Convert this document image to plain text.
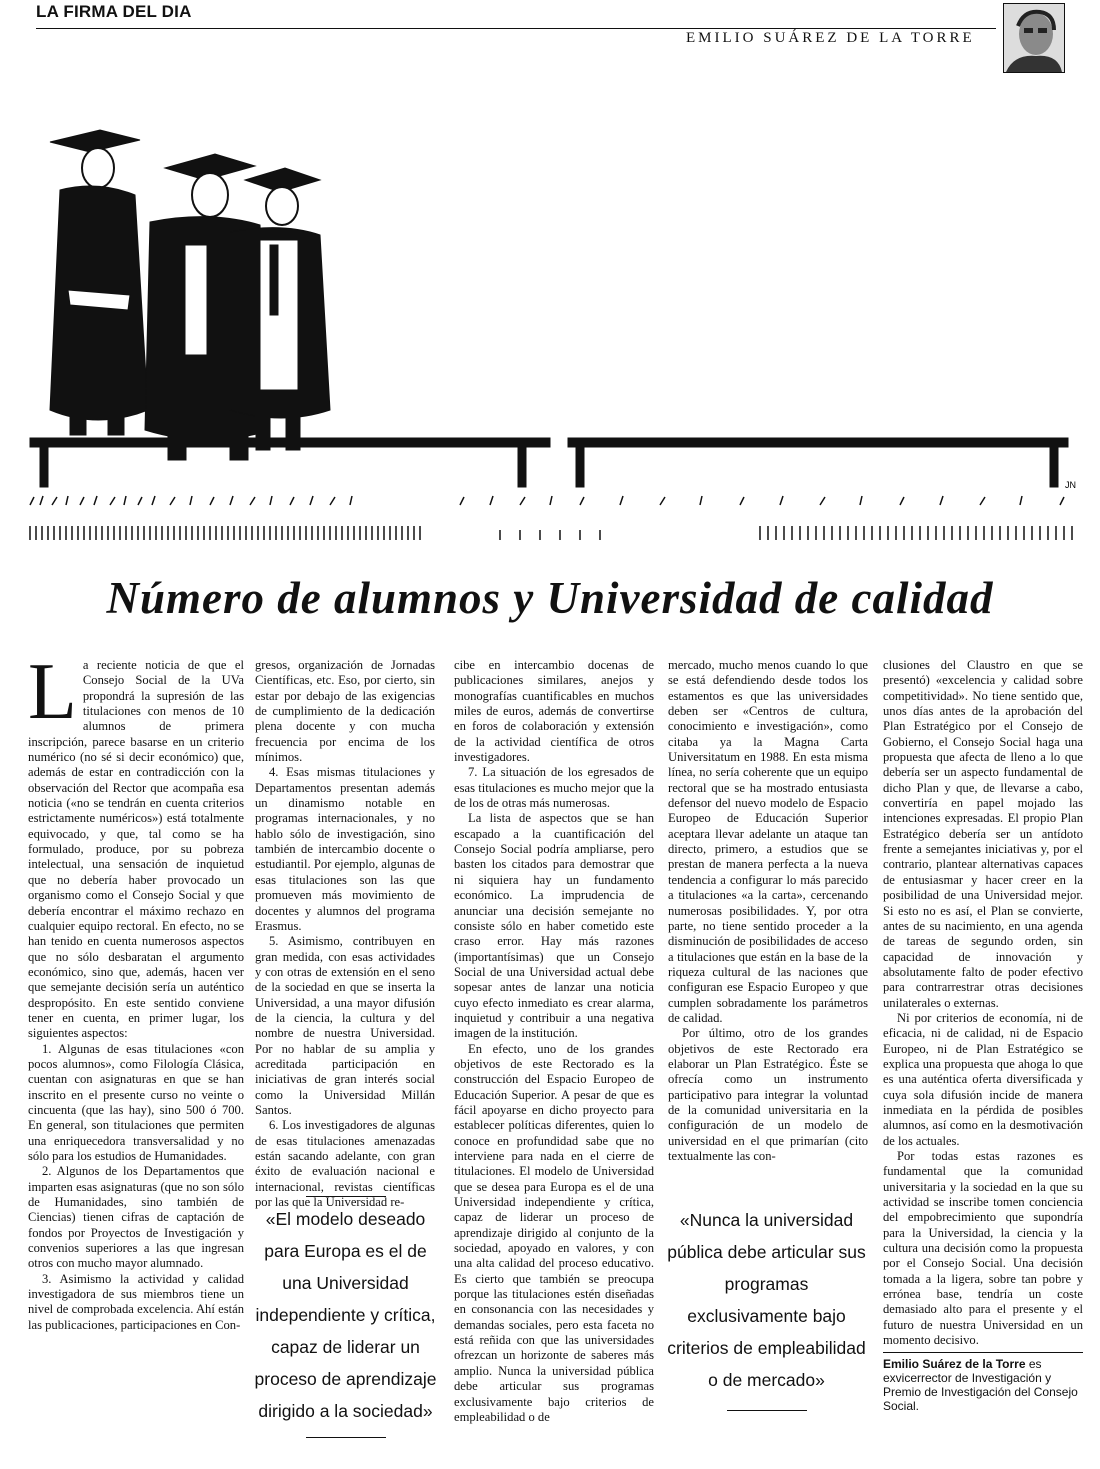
LA FIRMA DEL DIA
EMILIO SUÁREZ DE LA TORRE
JN
Número de alumnos y Universidad de calidad

La reciente noticia de que el Consejo Social de la UVa propondrá la supresión de las titulaciones con menos de 10 alumnos de primera inscripción, parece basarse en un criterio numérico (no sé si decir económico) que, además de estar en contradicción con la observación del Rector que acompaña esa noticia («no se tendrán en cuenta criterios estrictamente numéricos») está totalmente equivocado, y que, tal como se ha formulado, produce, por su pobreza intelectual, una sensación de inquietud que no debería haber provocado un organismo como el Consejo Social y que debería encontrar el máximo rechazo en cualquier equipo rectoral. En efecto, no se han tenido en cuenta numerosos aspectos que no sólo desbaratan el argumento económico, sino que, además, hacen ver que semejante decisión sería un auténtico despropósito. En este sentido conviene tener en cuenta, en primer lugar, los siguientes aspectos:

1. Algunas de esas titulaciones «con pocos alumnos», como Filología Clásica, cuentan con asignaturas en que se han inscrito en el presente curso no veinte o cincuenta (que las hay), sino 500 ó 700. En general, son titulaciones que permiten una enriquecedora transversalidad y no sólo para los estudios de Humanidades.

2. Algunos de los Departamentos que imparten esas asignaturas (que no son sólo de Humanidades, sino también de Ciencias) tienen cifras de captación de fondos por Proyectos de Investigación y convenios superiores a las que ingresan otros con mucho mayor alumnado.

3. Asimismo la actividad y calidad investigadora de sus miembros tiene un nivel de comprobada excelencia. Ahí están las publicaciones, participaciones en Con-

gresos, organización de Jornadas Científicas, etc. Eso, por cierto, sin estar por debajo de las exigencias de cumplimiento de la dedicación plena docente y con mucha frecuencia por encima de los mínimos.

4. Esas mismas titulaciones y Departamentos presentan además un dinamismo notable en programas internacionales, y no hablo sólo de investigación, sino también de intercambio docente o estudiantil. Por ejemplo, algunas de esas titulaciones son las que promueven más movimiento de docentes y alumnos del programa Erasmus.

5. Asimismo, contribuyen en gran medida, con esas actividades y con otras de extensión en el seno de la sociedad en que se inserta la Universidad, a una mayor difusión de la ciencia, la cultura y del nombre de nuestra Universidad. Por no hablar de su amplia y acreditada participación en iniciativas de gran interés social como la Universidad Millán Santos.

6. Los investigadores de algunas de esas titulaciones amenazadas están sacando adelante, con gran éxito de evaluación nacional e internacional, revistas científicas por las que la Universidad re-

«El modelo deseado para Europa es el de una Universidad independiente y crítica, capaz de liderar un proceso de aprendizaje dirigido a la sociedad»

cibe en intercambio docenas de publicaciones similares, anejos y monografías cuantificables en muchos miles de euros, además de convertirse en foros de colaboración y extensión de la actividad científica de otros investigadores.

7. La situación de los egresados de esas titulaciones es mucho mejor que la de los de otras más numerosas.

La lista de aspectos que se han escapado a la cuantificación del Consejo Social podría ampliarse, pero basten los citados para demostrar que ni siquiera hay un fundamento económico. La imprudencia de anunciar una decisión semejante no consiste sólo en haber cometido este craso error. Hay más razones (importantísimas) que un Consejo Social de una Universidad actual debe sopesar antes de lanzar una noticia cuyo efecto inmediato es crear alarma, inquietud y contribuir a una negativa imagen de la institución.

En efecto, uno de los grandes objetivos de este Rectorado es la construcción del Espacio Europeo de Educación Superior. A pesar de que es fácil apoyarse en dicho proyecto para establecer políticas diferentes, quien lo conoce en profundidad sabe que no interviene para nada en el cierre de titulaciones. El modelo de Universidad que se desea para Europa es el de una Universidad independiente y crítica, capaz de liderar un proceso de aprendizaje dirigido al conjunto de la sociedad, apoyado en valores, y con una alta calidad del proceso educativo. Es cierto que también se preocupa porque las titulaciones estén diseñadas en consonancia con las necesidades y demandas sociales, pero esta faceta no está reñida con que las universidades ofrezcan un horizonte de saberes más amplio. Nunca la universidad pública debe articular sus programas exclusivamente bajo criterios de empleabilidad o de

mercado, mucho menos cuando lo que se está defendiendo desde todos los estamentos es que las universidades deben ser «Centros de cultura, conocimiento e investigación», como citaba ya la Magna Carta Universitatum en 1988. En esta misma línea, no sería coherente que un equipo rectoral que se ha mostrado entusiasta defensor del nuevo modelo de Espacio Europeo de Educación Superior aceptara llevar adelante un ataque tan directo, primero, a estudios que se prestan de manera perfecta a la nueva tendencia a configurar lo más parecido a titulaciones «a la carta», cercenando numerosas posibilidades. Y, por otra parte, no tiene sentido proceder a la disminución de posibilidades de acceso a titulaciones que están en la base de la riqueza cultural de las naciones que configuran ese Espacio Europeo y que cumplen sobradamente los parámetros de calidad.

Por último, otro de los grandes objetivos de este Rectorado era elaborar un Plan Estratégico. Éste se ofrecía como un instrumento participativo para integrar la voluntad de la comunidad universitaria en la configuración de un modelo de universidad en el que primarían (cito textualmente las con-

«Nunca la universidad pública debe articular sus programas exclusivamente bajo criterios de empleabilidad o de mercado»

clusiones del Claustro en que se presentó) «excelencia y calidad sobre competitividad». No tiene sentido que, unos días antes de la aprobación del Plan Estratégico por el Consejo de Gobierno, el Consejo Social haga una propuesta que afecta de lleno a lo que debería ser un aspecto fundamental de dicho Plan y que, de llevarse a cabo, convertiría en papel mojado las intenciones expresadas. El propio Plan Estratégico debería ser un antídoto frente a semejantes iniciativas y, por el contrario, plantear alternativas capaces de entusiasmar y hacer creer en la posibilidad de una Universidad mejor. Si esto no es así, el Plan se convierte, antes de su nacimiento, en una agenda de tareas de segundo orden, sin capacidad de innovación y absolutamente falto de poder efectivo para contrarrestrar otras decisiones unilaterales o externas.

Ni por criterios de economía, ni de eficacia, ni de calidad, ni de Espacio Europeo, ni de Plan Estratégico se explica una propuesta que ahoga lo que es una auténtica oferta diversificada y cuya sola difusión incide de manera inmediata en la pérdida de posibles alumnos, así como en la desmotivación de los actuales.

Por todas estas razones es fundamental que la comunidad universitaria y la sociedad en la que su actividad se inscribe tomen conciencia del empobrecimiento que supondría para la Universidad, la ciencia y la cultura una decisión como la propuesta por el Consejo Social. Una decisión tomada a la ligera, sobre tan pobre y errónea base, tendría un coste demasiado alto para el presente y el futuro de nuestra Universidad en un momento decisivo.

Emilio Suárez de la Torre es exvicerrector de Investigación y Premio de Investigación del Consejo Social.
